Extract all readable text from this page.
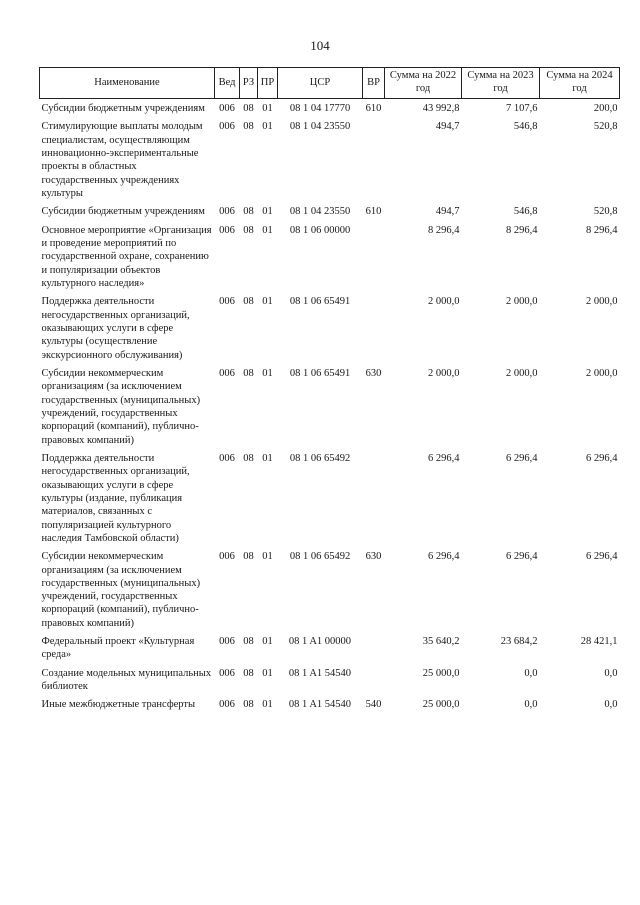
104
Наименование	Вед	РЗ	ПР	ЦСР	ВР	Сумма на 2022 год	Сумма на 2023 год	Сумма на 2024 год
Субсидии бюджетным учреждениям	006	08	01	08 1 04 17770	610	43 992,8	7 107,6	200,0
Стимулирующие выплаты молодым специалистам, осуществляющим инновационно-экспериментальные проекты в областных государственных учреждениях культуры	006	08	01	08 1 04 23550		494,7	546,8	520,8
Субсидии бюджетным учреждениям	006	08	01	08 1 04 23550	610	494,7	546,8	520,8
Основное мероприятие «Организация и проведение мероприятий по государственной охране, сохранению и популяризации объектов культурного наследия»	006	08	01	08 1 06 00000		8 296,4	8 296,4	8 296,4
Поддержка деятельности негосударственных организаций, оказывающих услуги в сфере культуры (осуществление экскурсионного обслуживания)	006	08	01	08 1 06 65491		2 000,0	2 000,0	2 000,0
Субсидии некоммерческим организациям (за исключением государственных (муниципальных) учреждений, государственных корпораций (компаний), публично-правовых компаний)	006	08	01	08 1 06 65491	630	2 000,0	2 000,0	2 000,0
Поддержка деятельности негосударственных организаций, оказывающих услуги в сфере культуры (издание, публикация материалов, связанных с популяризацией культурного наследия Тамбовской области)	006	08	01	08 1 06 65492		6 296,4	6 296,4	6 296,4
Субсидии некоммерческим организациям (за исключением государственных (муниципальных) учреждений, государственных корпораций (компаний), публично-правовых компаний)	006	08	01	08 1 06 65492	630	6 296,4	6 296,4	6 296,4
Федеральный проект «Культурная среда»	006	08	01	08 1 A1 00000		35 640,2	23 684,2	28 421,1
Создание модельных муниципальных библиотек	006	08	01	08 1 A1 54540		25 000,0	0,0	0,0
Иные межбюджетные трансферты	006	08	01	08 1 A1 54540	540	25 000,0	0,0	0,0
